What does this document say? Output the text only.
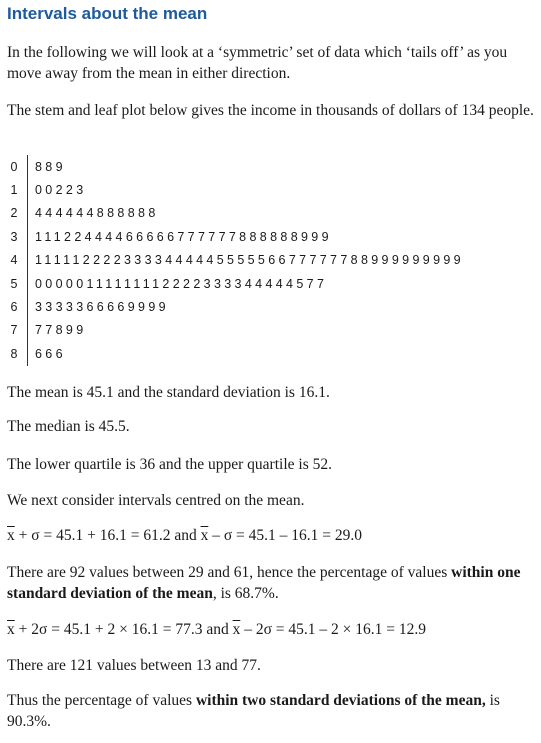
Intervals about the mean
In the following we will look at a ‘symmetric’ set of data which ‘tails off’ as you move away from the mean in either direction.
The stem and leaf plot below gives the income in thousands of dollars of 134 people.
0 889
1 00223
2 444444888888
3 11122444466666777777888888999
4 111112222333344444555556677777788999999999
5 00000111111112222333344444577
6 3333366669999
7 77899
8 666
The mean is 45.1 and the standard deviation is 16.1.
The median is 45.5.
The lower quartile is 36 and the upper quartile is 52.
We next consider intervals centred on the mean.
$\overline{x} + \sigma = 45.1 + 16.1 = 61.2$ and $\overline{x} - \sigma = 45.1 - 16.1 = 29.0$
There are 92 values between 29 and 61, hence the percentage of values within one standard deviation of the mean, is 68.7%.
$\overline{x} + 2\sigma = 45.1 + 2 \times 16.1 = 77.3$ and $\overline{x} - 2\sigma = 45.1 - 2 \times 16.1 = 12.9$
There are 121 values between 13 and 77.
Thus the percentage of values within two standard deviations of the mean, is 90.3%.
